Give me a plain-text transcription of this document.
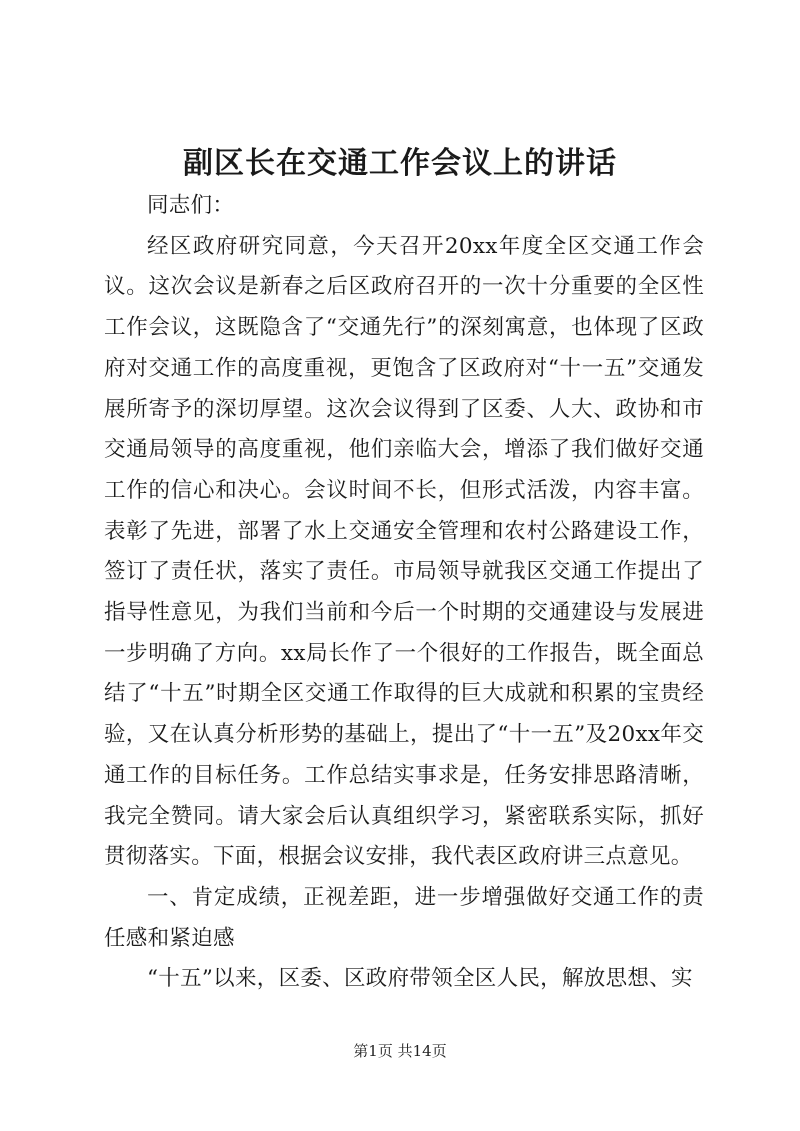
副区长在交通工作会议上的讲话

同志们：

经区政府研究同意，今天召开20xx年度全区交通工作会议。这次会议是新春之后区政府召开的一次十分重要的全区性工作会议，这既隐含了“交通先行”的深刻寓意，也体现了区政府对交通工作的高度重视，更饱含了区政府对“十一五”交通发展所寄予的深切厚望。这次会议得到了区委、人大、政协和市交通局领导的高度重视，他们亲临大会，增添了我们做好交通工作的信心和决心。会议时间不长，但形式活泼，内容丰富。表彰了先进，部署了水上交通安全管理和农村公路建设工作，签订了责任状，落实了责任。市局领导就我区交通工作提出了指导性意见，为我们当前和今后一个时期的交通建设与发展进一步明确了方向。xx局长作了一个很好的工作报告，既全面总结了“十五”时期全区交通工作取得的巨大成就和积累的宝贵经验，又在认真分析形势的基础上，提出了“十一五”及20xx年交通工作的目标任务。工作总结实事求是，任务安排思路清晰，我完全赞同。请大家会后认真组织学习，紧密联系实际，抓好贯彻落实。下面，根据会议安排，我代表区政府讲三点意见。

一、肯定成绩，正视差距，进一步增强做好交通工作的责任感和紧迫感

“十五”以来，区委、区政府带领全区人民，解放思想、实

第1页 共14页
